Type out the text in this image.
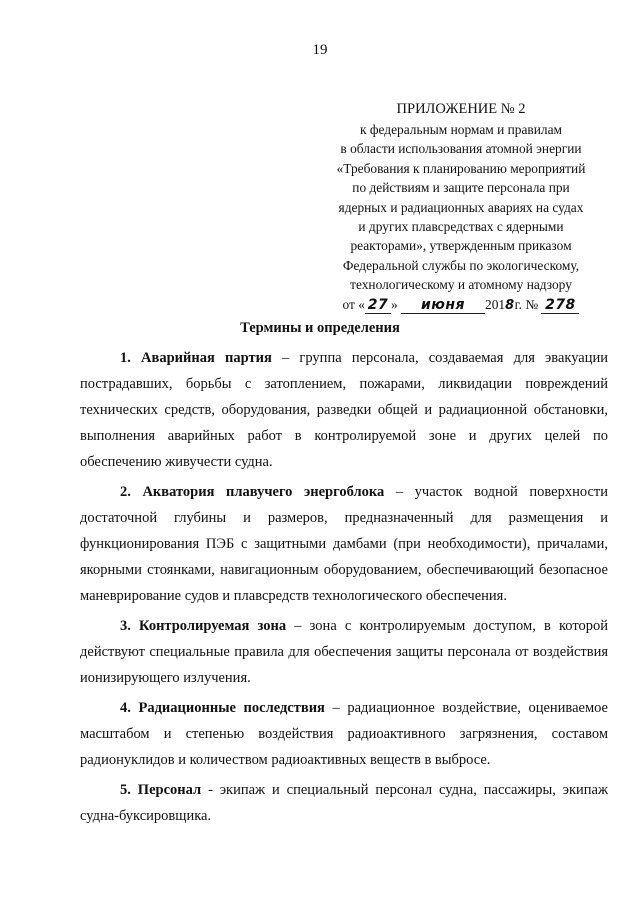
19
ПРИЛОЖЕНИЕ № 2
к федеральным нормам и правилам
в области использования атомной энергии
«Требования к планированию мероприятий
по действиям и защите персонала при
ядерных и радиационных авариях на судах
и других плавсредствах с ядерными
реакторами», утвержденным приказом
Федеральной службы по экологическому,
технологическому и атомному надзору
от « 27 » июня 2018г. № 278
Термины и определения

1. Аварийная партия – группа персонала, создаваемая для эвакуации пострадавших, борьбы с затоплением, пожарами, ликвидации повреждений технических средств, оборудования, разведки общей и радиационной обстановки, выполнения аварийных работ в контролируемой зоне и других целей по обеспечению живучести судна.

2. Акватория плавучего энергоблока – участок водной поверхности достаточной глубины и размеров, предназначенный для размещения и функционирования ПЭБ с защитными дамбами (при необходимости), причалами, якорными стоянками, навигационным оборудованием, обеспечивающий безопасное маневрирование судов и плавсредств технологического обеспечения.

3. Контролируемая зона – зона с контролируемым доступом, в которой действуют специальные правила для обеспечения защиты персонала от воздействия ионизирующего излучения.

4. Радиационные последствия – радиационное воздействие, оцениваемое масштабом и степенью воздействия радиоактивного загрязнения, составом радионуклидов и количеством радиоактивных веществ в выбросе.

5. Персонал - экипаж и специальный персонал судна, пассажиры, экипаж судна-буксировщика.
